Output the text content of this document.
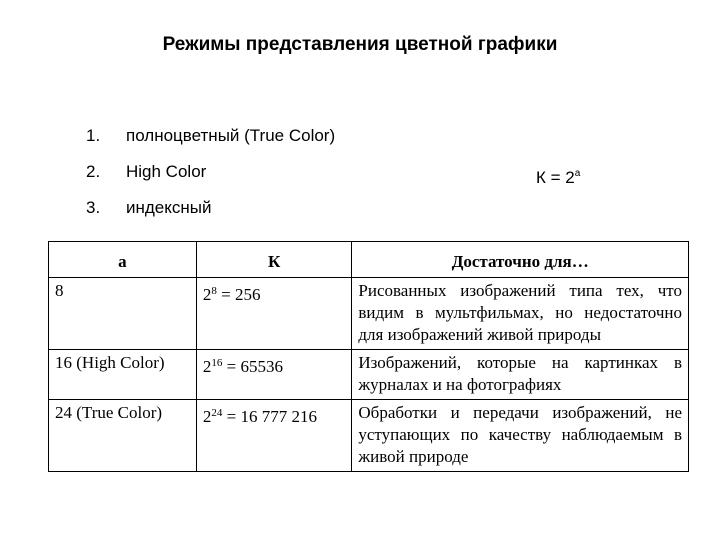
Режимы представления цветной графики
1. полноцветный (True Color)
2. High Color
3. индексный
$К = 2^a$
a	К	Достаточно для…
8	$2^8 = 256$	Рисованных изображений типа тех, что видим в мультфильмах, но недостаточно для изображений живой природы
16 (High Color)	$2^{16} = 65536$	Изображений, которые на картинках в журналах и на фотографиях
24 (True Color)	$2^{24} = 16$ 777 216	Обработки и передачи изображений, не уступающих по качеству наблюдаемым в живой природе
